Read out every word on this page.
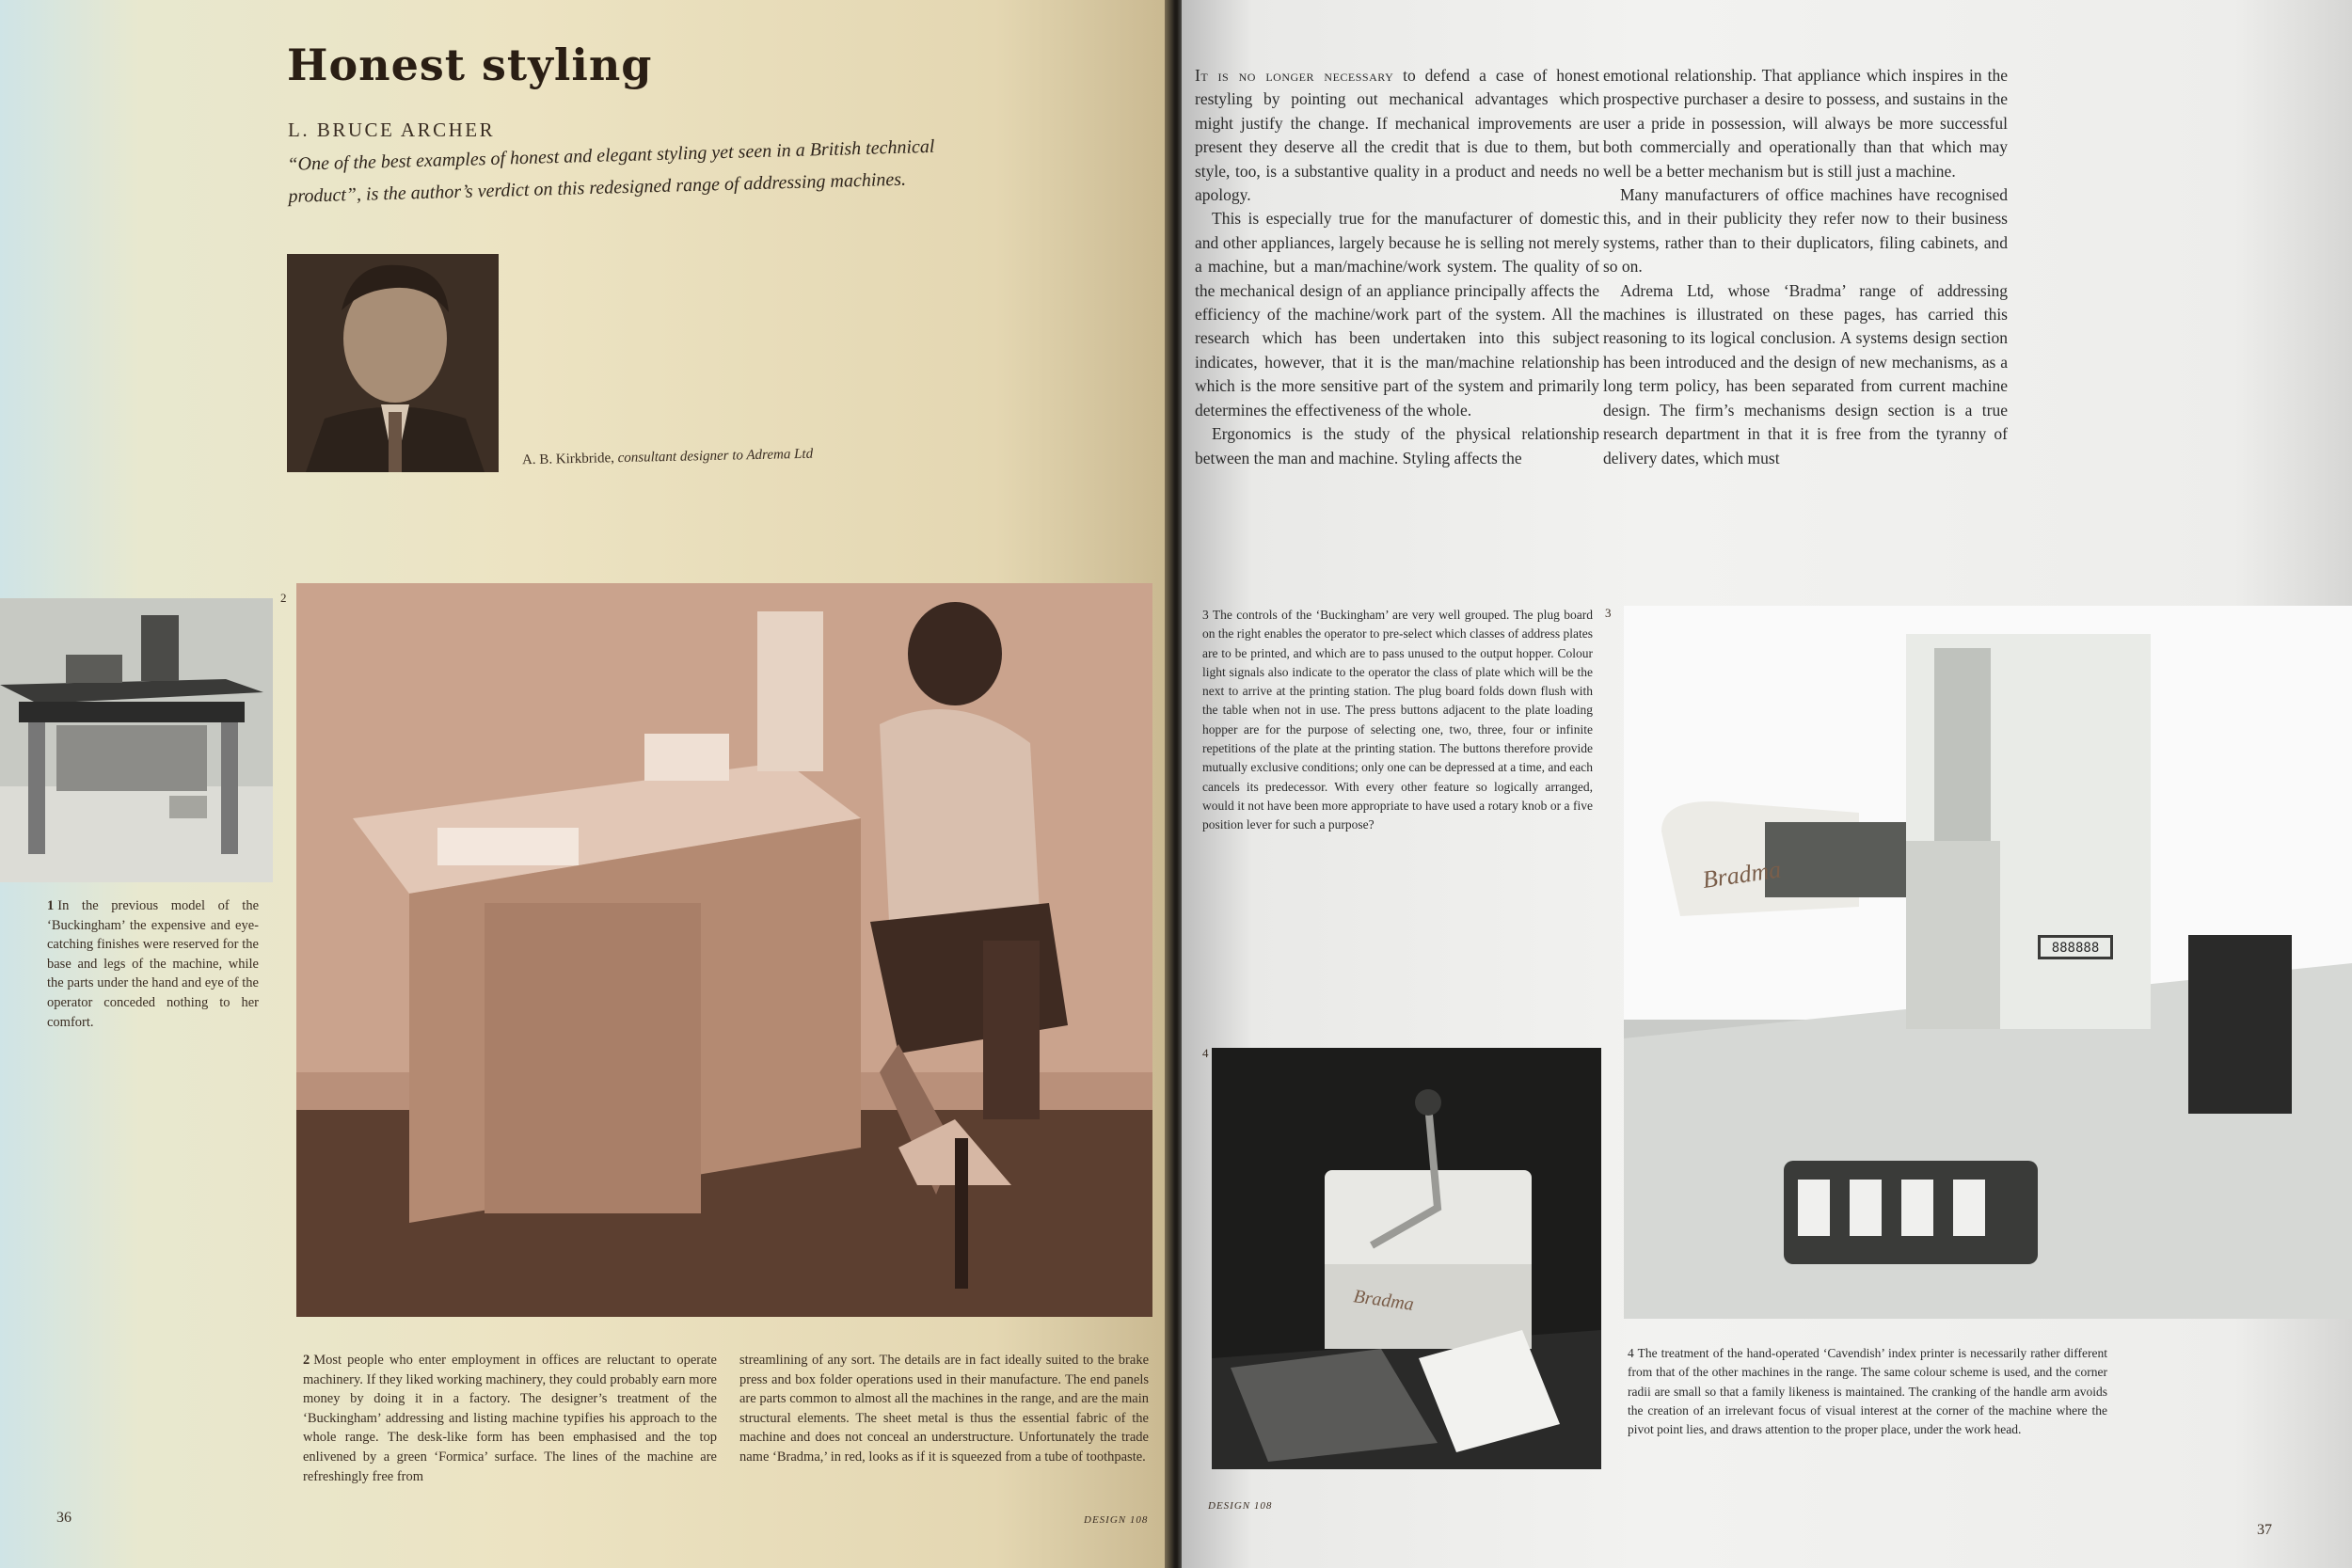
Honest styling
L. BRUCE ARCHER
“One of the best examples of honest and elegant styling yet seen in a British technical product”, is the author’s verdict on this redesigned range of addressing machines.
A. B. Kirkbride, consultant designer to Adrema Ltd
1 In the previous model of the ‘Buckingham’ the expensive and eye-catching finishes were reserved for the base and legs of the machine, while the parts under the hand and eye of the operator conceded nothing to her comfort.
2
2 Most people who enter employment in offices are reluctant to operate machinery. If they liked working machinery, they could probably earn more money by doing it in a factory. The designer’s treatment of the ‘Buckingham’ addressing and listing machine typifies his approach to the whole range. The desk-like form has been emphasised and the top enlivened by a green ‘Formica’ surface. The lines of the machine are refreshingly free from
streamlining of any sort. The details are in fact ideally suited to the brake press and box folder operations used in their manufacture. The end panels are parts common to almost all the machines in the range, and are the main structural elements. The sheet metal is thus the essential fabric of the machine and does not conceal an understructure. Unfortunately the trade name ‘Bradma,’ in red, looks as if it is squeezed from a tube of toothpaste.
36	DESIGN 108

It is no longer necessary to defend a case of honest restyling by pointing out mechanical advantages which might justify the change. If mechanical improvements are present they deserve all the credit that is due to them, but style, too, is a substantive quality in a product and needs no apology.

This is especially true for the manufacturer of domestic and other appliances, largely because he is selling not merely a machine, but a man/machine/work system. The quality of the mechanical design of an appliance principally affects the efficiency of the machine/work part of the system. All the research which has been undertaken into this subject indicates, however, that it is the man/machine relationship which is the more sensitive part of the system and primarily determines the effectiveness of the whole.

Ergonomics is the study of the physical relationship between the man and machine. Styling affects the

emotional relationship. That appliance which inspires in the prospective purchaser a desire to possess, and sustains in the user a pride in possession, will always be more successful both commercially and operationally than that which may well be a better mechanism but is still just a machine.

Many manufacturers of office machines have recognised this, and in their publicity they refer now to their business systems, rather than to their duplicators, filing cabinets, and so on.

Adrema Ltd, whose ‘Bradma’ range of addressing machines is illustrated on these pages, has carried this reasoning to its logical conclusion. A systems design section has been introduced and the design of new mechanisms, as a long term policy, has been separated from current machine design. The firm’s mechanisms design section is a true research department in that it is free from the tyranny of delivery dates, which must

3 The controls of the ‘Buckingham’ are very well grouped. The plug board on the right enables the operator to pre-select which classes of address plates are to be printed, and which are to pass unused to the output hopper. Colour light signals also indicate to the operator the class of plate which will be the next to arrive at the printing station. The plug board folds down flush with the table when not in use. The press buttons adjacent to the plate loading hopper are for the purpose of selecting one, two, three, four or infinite repetitions of the plate at the printing station. The buttons therefore provide mutually exclusive conditions; only one can be depressed at a time, and each cancels its predecessor. With every other feature so logically arranged, would it not have been more appropriate to have used a rotary knob or a five position lever for such a purpose?
3
888888
Bradma
4
Bradma
4 The treatment of the hand-operated ‘Cavendish’ index printer is necessarily rather different from that of the other machines in the range. The same colour scheme is used, and the corner radii are small so that a family likeness is maintained. The cranking of the handle arm avoids the creation of an irrelevant focus of visual interest at the corner of the machine where the pivot point lies, and draws attention to the proper place, under the work head.
DESIGN 108
37
